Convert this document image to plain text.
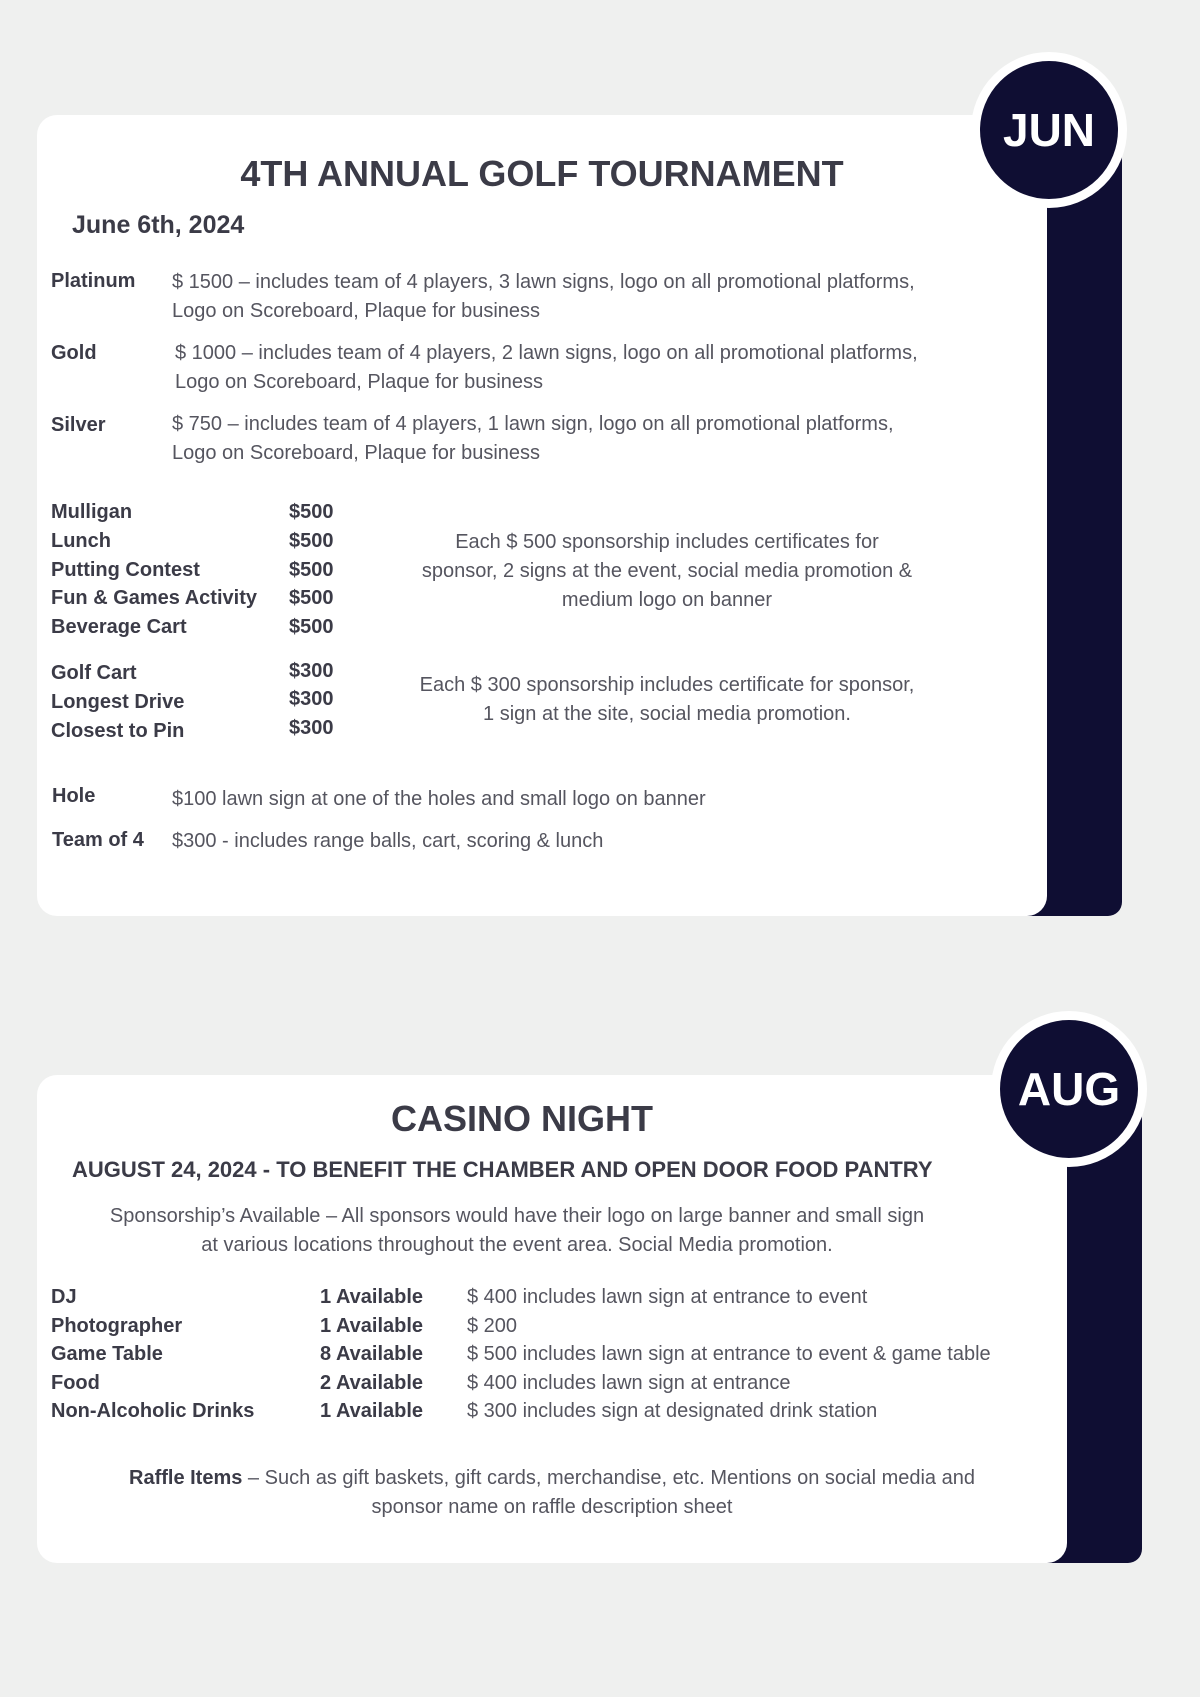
4TH ANNUAL GOLF TOURNAMENT
June 6th, 2024
Platinum $ 1500 – includes team of 4 players, 3 lawn signs, logo on all promotional platforms,
Logo on Scoreboard, Plaque for business
Gold	$ 1000 – includes team of 4 players, 2 lawn signs, logo on all promotional platforms,
Logo on Scoreboard, Plaque for business
Silver	$ 750 – includes team of 4 players, 1 lawn sign, logo on all promotional platforms,
Logo on Scoreboard, Plaque for business
Mulligan	$500
Lunch	$500
Putting Contest	$500
Fun & Games Activity $500
Beverage Cart	$500
Each $ 500 sponsorship includes certificates for
sponsor, 2 signs at the event, social media promotion &
medium logo on banner
Golf Cart	$300
Longest Drive	$300
Closest to Pin	$300
Each $ 300 sponsorship includes certificate for sponsor,
1 sign at the site, social media promotion.
Hole	$100 lawn sign at one of the holes and small logo on banner
Team of 4 $300 - includes range balls, cart, scoring & lunch
JUN
CASINO NIGHT
AUGUST 24, 2024 - TO BENEFIT THE CHAMBER AND OPEN DOOR FOOD PANTRY
Sponsorship’s Available – All sponsors would have their logo on large banner and small sign
at various locations throughout the event area. Social Media promotion.
DJ	1 Available $ 400 includes lawn sign at entrance to event
Photographer	1 Available $ 200
Game Table	8 Available $ 500 includes lawn sign at entrance to event & game table
Food	2 Available $ 400 includes lawn sign at entrance
Non-Alcoholic Drinks	1 Available $ 300 includes sign at designated drink station
Raffle Items – Such as gift baskets, gift cards, merchandise, etc. Mentions on social media and
sponsor name on raffle description sheet
AUG
